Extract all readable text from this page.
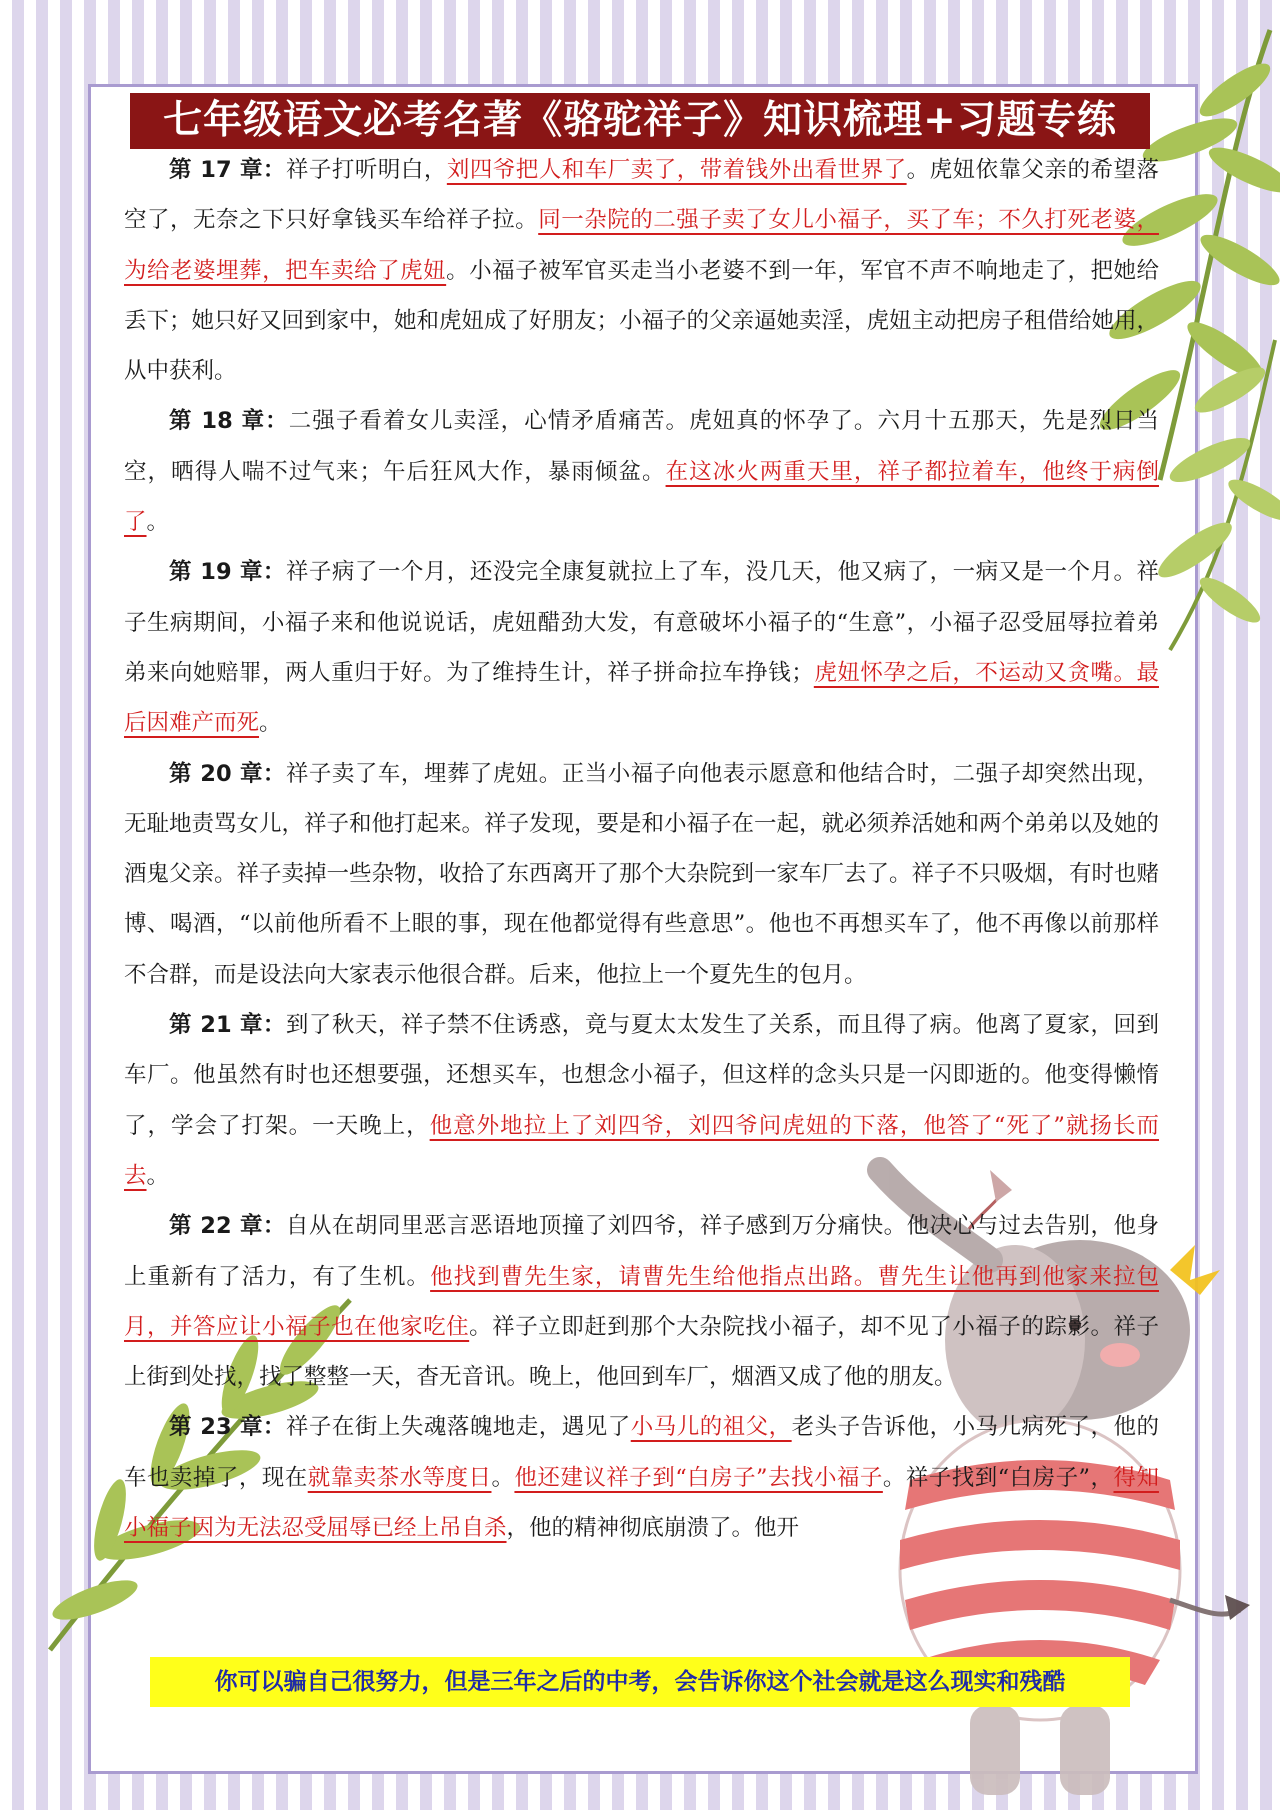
七年级语文必考名著《骆驼祥子》知识梳理+习题专练

第 17 章：祥子打听明白，刘四爷把人和车厂卖了，带着钱外出看世界了。虎妞依靠父亲的希望落空了，无奈之下只好拿钱买车给祥子拉。同一杂院的二强子卖了女儿小福子，买了车；不久打死老婆，为给老婆埋葬，把车卖给了虎妞。小福子被军官买走当小老婆不到一年，军官不声不响地走了，把她给丢下；她只好又回到家中，她和虎妞成了好朋友；小福子的父亲逼她卖淫，虎妞主动把房子租借给她用，从中获利。

第 18 章：二强子看着女儿卖淫，心情矛盾痛苦。虎妞真的怀孕了。六月十五那天，先是烈日当空，晒得人喘不过气来；午后狂风大作，暴雨倾盆。在这冰火两重天里，祥子都拉着车，他终于病倒了。

第 19 章：祥子病了一个月，还没完全康复就拉上了车，没几天，他又病了，一病又是一个月。祥子生病期间，小福子来和他说说话，虎妞醋劲大发，有意破坏小福子的“生意”，小福子忍受屈辱拉着弟弟来向她赔罪，两人重归于好。为了维持生计，祥子拼命拉车挣钱；虎妞怀孕之后，不运动又贪嘴。最后因难产而死。

第 20 章：祥子卖了车，埋葬了虎妞。正当小福子向他表示愿意和他结合时，二强子却突然出现，无耻地责骂女儿，祥子和他打起来。祥子发现，要是和小福子在一起，就必须养活她和两个弟弟以及她的酒鬼父亲。祥子卖掉一些杂物，收拾了东西离开了那个大杂院到一家车厂去了。祥子不只吸烟，有时也赌博、喝酒，“以前他所看不上眼的事，现在他都觉得有些意思”。他也不再想买车了，他不再像以前那样不合群，而是设法向大家表示他很合群。后来，他拉上一个夏先生的包月。

第 21 章：到了秋天，祥子禁不住诱惑，竟与夏太太发生了关系，而且得了病。他离了夏家，回到车厂。他虽然有时也还想要强，还想买车，也想念小福子，但这样的念头只是一闪即逝的。他变得懒惰了，学会了打架。一天晚上，他意外地拉上了刘四爷，刘四爷问虎妞的下落，他答了“死了”就扬长而去。

第 22 章：自从在胡同里恶言恶语地顶撞了刘四爷，祥子感到万分痛快。他决心与过去告别，他身上重新有了活力，有了生机。他找到曹先生家，请曹先生给他指点出路。曹先生让他再到他家来拉包月，并答应让小福子也在他家吃住。祥子立即赶到那个大杂院找小福子，却不见了小福子的踪影。祥子上街到处找，找了整整一天，杳无音讯。晚上，他回到车厂，烟酒又成了他的朋友。

第 23 章：祥子在街上失魂落魄地走，遇见了小马儿的祖父，老头子告诉他，小马儿病死了，他的车也卖掉了，现在就靠卖茶水等度日。他还建议祥子到“白房子”去找小福子。祥子找到“白房子”，得知小福子因为无法忍受屈辱已经上吊自杀，他的精神彻底崩溃了。他开

你可以骗自己很努力，但是三年之后的中考，会告诉你这个社会就是这么现实和残酷
